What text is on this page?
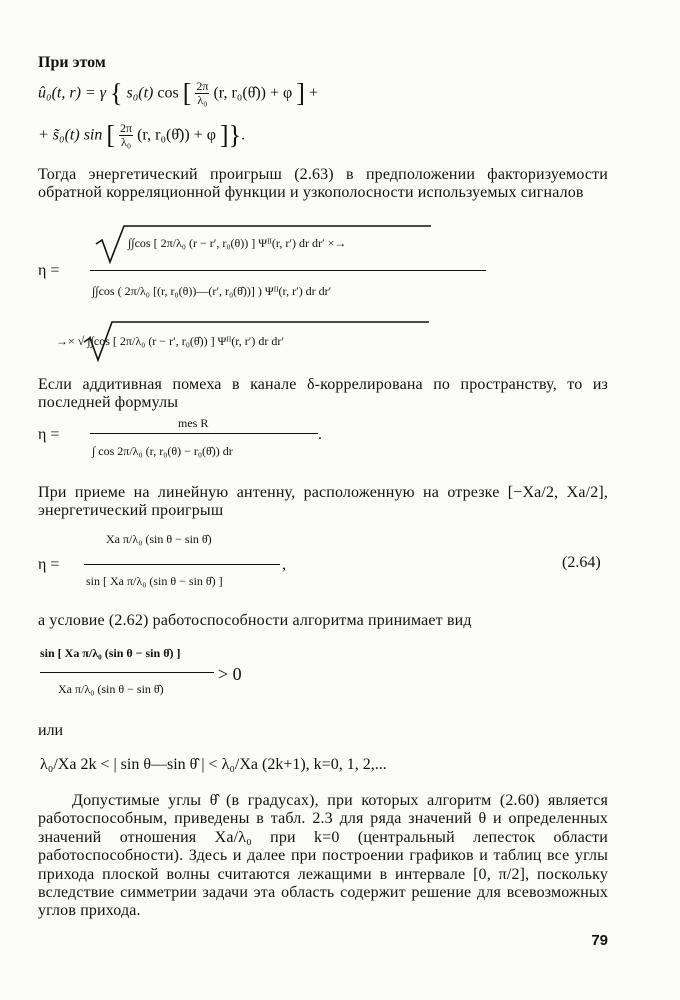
При этом
û₀(t, r) = γ { s₀(t) cos [ $\frac{2\pi}{\text{λ₀}} (r$, r₀(θ̂)) + φ ] +
+ s̃₀(t) sin [ $\frac{2\pi}{\text{λ₀}} (r$, r₀(θ̂)) + φ ]}.
Тогда энергетический проигрыш (2.63) в предположении факторизуемости обратной корреляционной функции и узкополосности используемых сигналов
η =
∫∫cos [ 2π/λ₀ (r − r′, r₀(θ)) ] Ψᴵᴵ(r, r′) dr dr′ ×→
∫∫cos ( 2π/λ₀ [(r, r₀(θ))—(r′, r₀(θ̂))] ) Ψᴵᴵ(r, r′) dr dr′
→× √ ∫∫cos [ 2π/λ₀ (r − r′, r₀(θ̂)) ] Ψᴵᴵ(r, r′) dr dr′
Если аддитивная помеха в канале δ-коррелирована по пространству, то из последней формулы
η =
mes R
.
∫ cos 2π/λ₀ (r, r₀(θ) − r₀(θ̂)) dr
При приеме на линейную антенну, расположенную на отрезке [−Xа/2, Xа/2], энергетический проигрыш
η =
Xа π/λ₀ (sin θ − sin θ̂)
,
sin [ Xа π/λ₀ (sin θ − sin θ̂) ]
(2.64)
а условие (2.62) работоспособности алгоритма принимает вид
sin [ Xа π/λ₀ (sin θ − sin θ̂) ]
> 0
Xа π/λ₀ (sin θ − sin θ̂)
или
λ₀/Xа 2k < | sin θ—sin θ̂ | < λ₀/Xа (2k+1), k=0, 1, 2,...
Допустимые углы θ̂ (в градусах), при которых алгоритм (2.60) является работоспособным, приведены в табл. 2.3 для ряда значений θ и определенных значений отношения Xа/λ₀ при k=0 (центральный лепесток области работоспособности). Здесь и далее при построении графиков и таблиц все углы прихода плоской волны считаются лежащими в интервале [0, π/2], поскольку вследствие симметрии задачи эта область содержит решение для всевозможных углов прихода.
79
